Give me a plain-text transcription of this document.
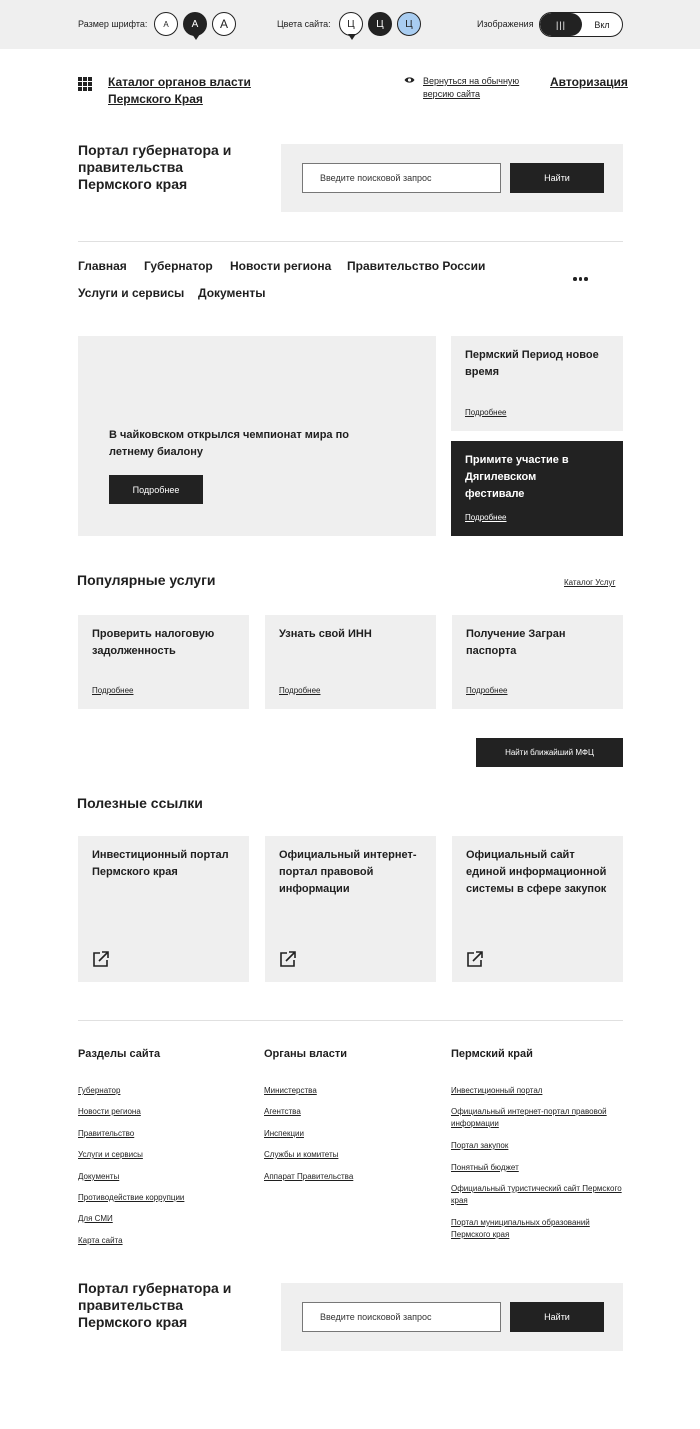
Размер шрифта:	A	A	A	Цвета сайта:	Ц	Ц	Ц	Изображения	|||	Вкл
Каталог органов власти Пермского Края
Вернуться на обычную версию сайта
Авторизация
Портал губернатора и правительства Пермского края	Введите поисковой запрос	Найти
Главная Губернатор Новости региона Правительство России
Услуги и сервисы Документы
В чайковском открылся чемпионат мира по летнему биалону
Подробнее
Пермский Период новое время
Подробнее
Примите участие в Дягилевском фестивале
Подробнее
Популярные услуги	Каталог Услуг
Проверить налоговую задолженность
Подробнее
Узнать свой ИНН
Подробнее
Получение Загран паспорта
Подробнее
Найти ближайший МФЦ
Полезные ссылки
Инвестиционный портал Пермского края
Официальный интернет-портал правовой информации
Официальный сайт единой информационной системы в сфере закупок
Разделы сайта
Губернатор
Новости региона
Правительство
Услуги и сервисы
Документы
Противодействие коррупции
Для СМИ
Карта сайта
Органы власти
Министерства
Агентства
Инспекции
Службы и комитеты
Аппарат Правительства
Пермский край
Инвестиционный портал
Официальный интернет-портал правовой информации
Портал закупок
Понятный бюджет
Официальный туристический сайт Пермского края
Портал муниципальных образований Пермского края
Портал губернатора и правительства Пермского края	Введите поисковой запрос	Найти
